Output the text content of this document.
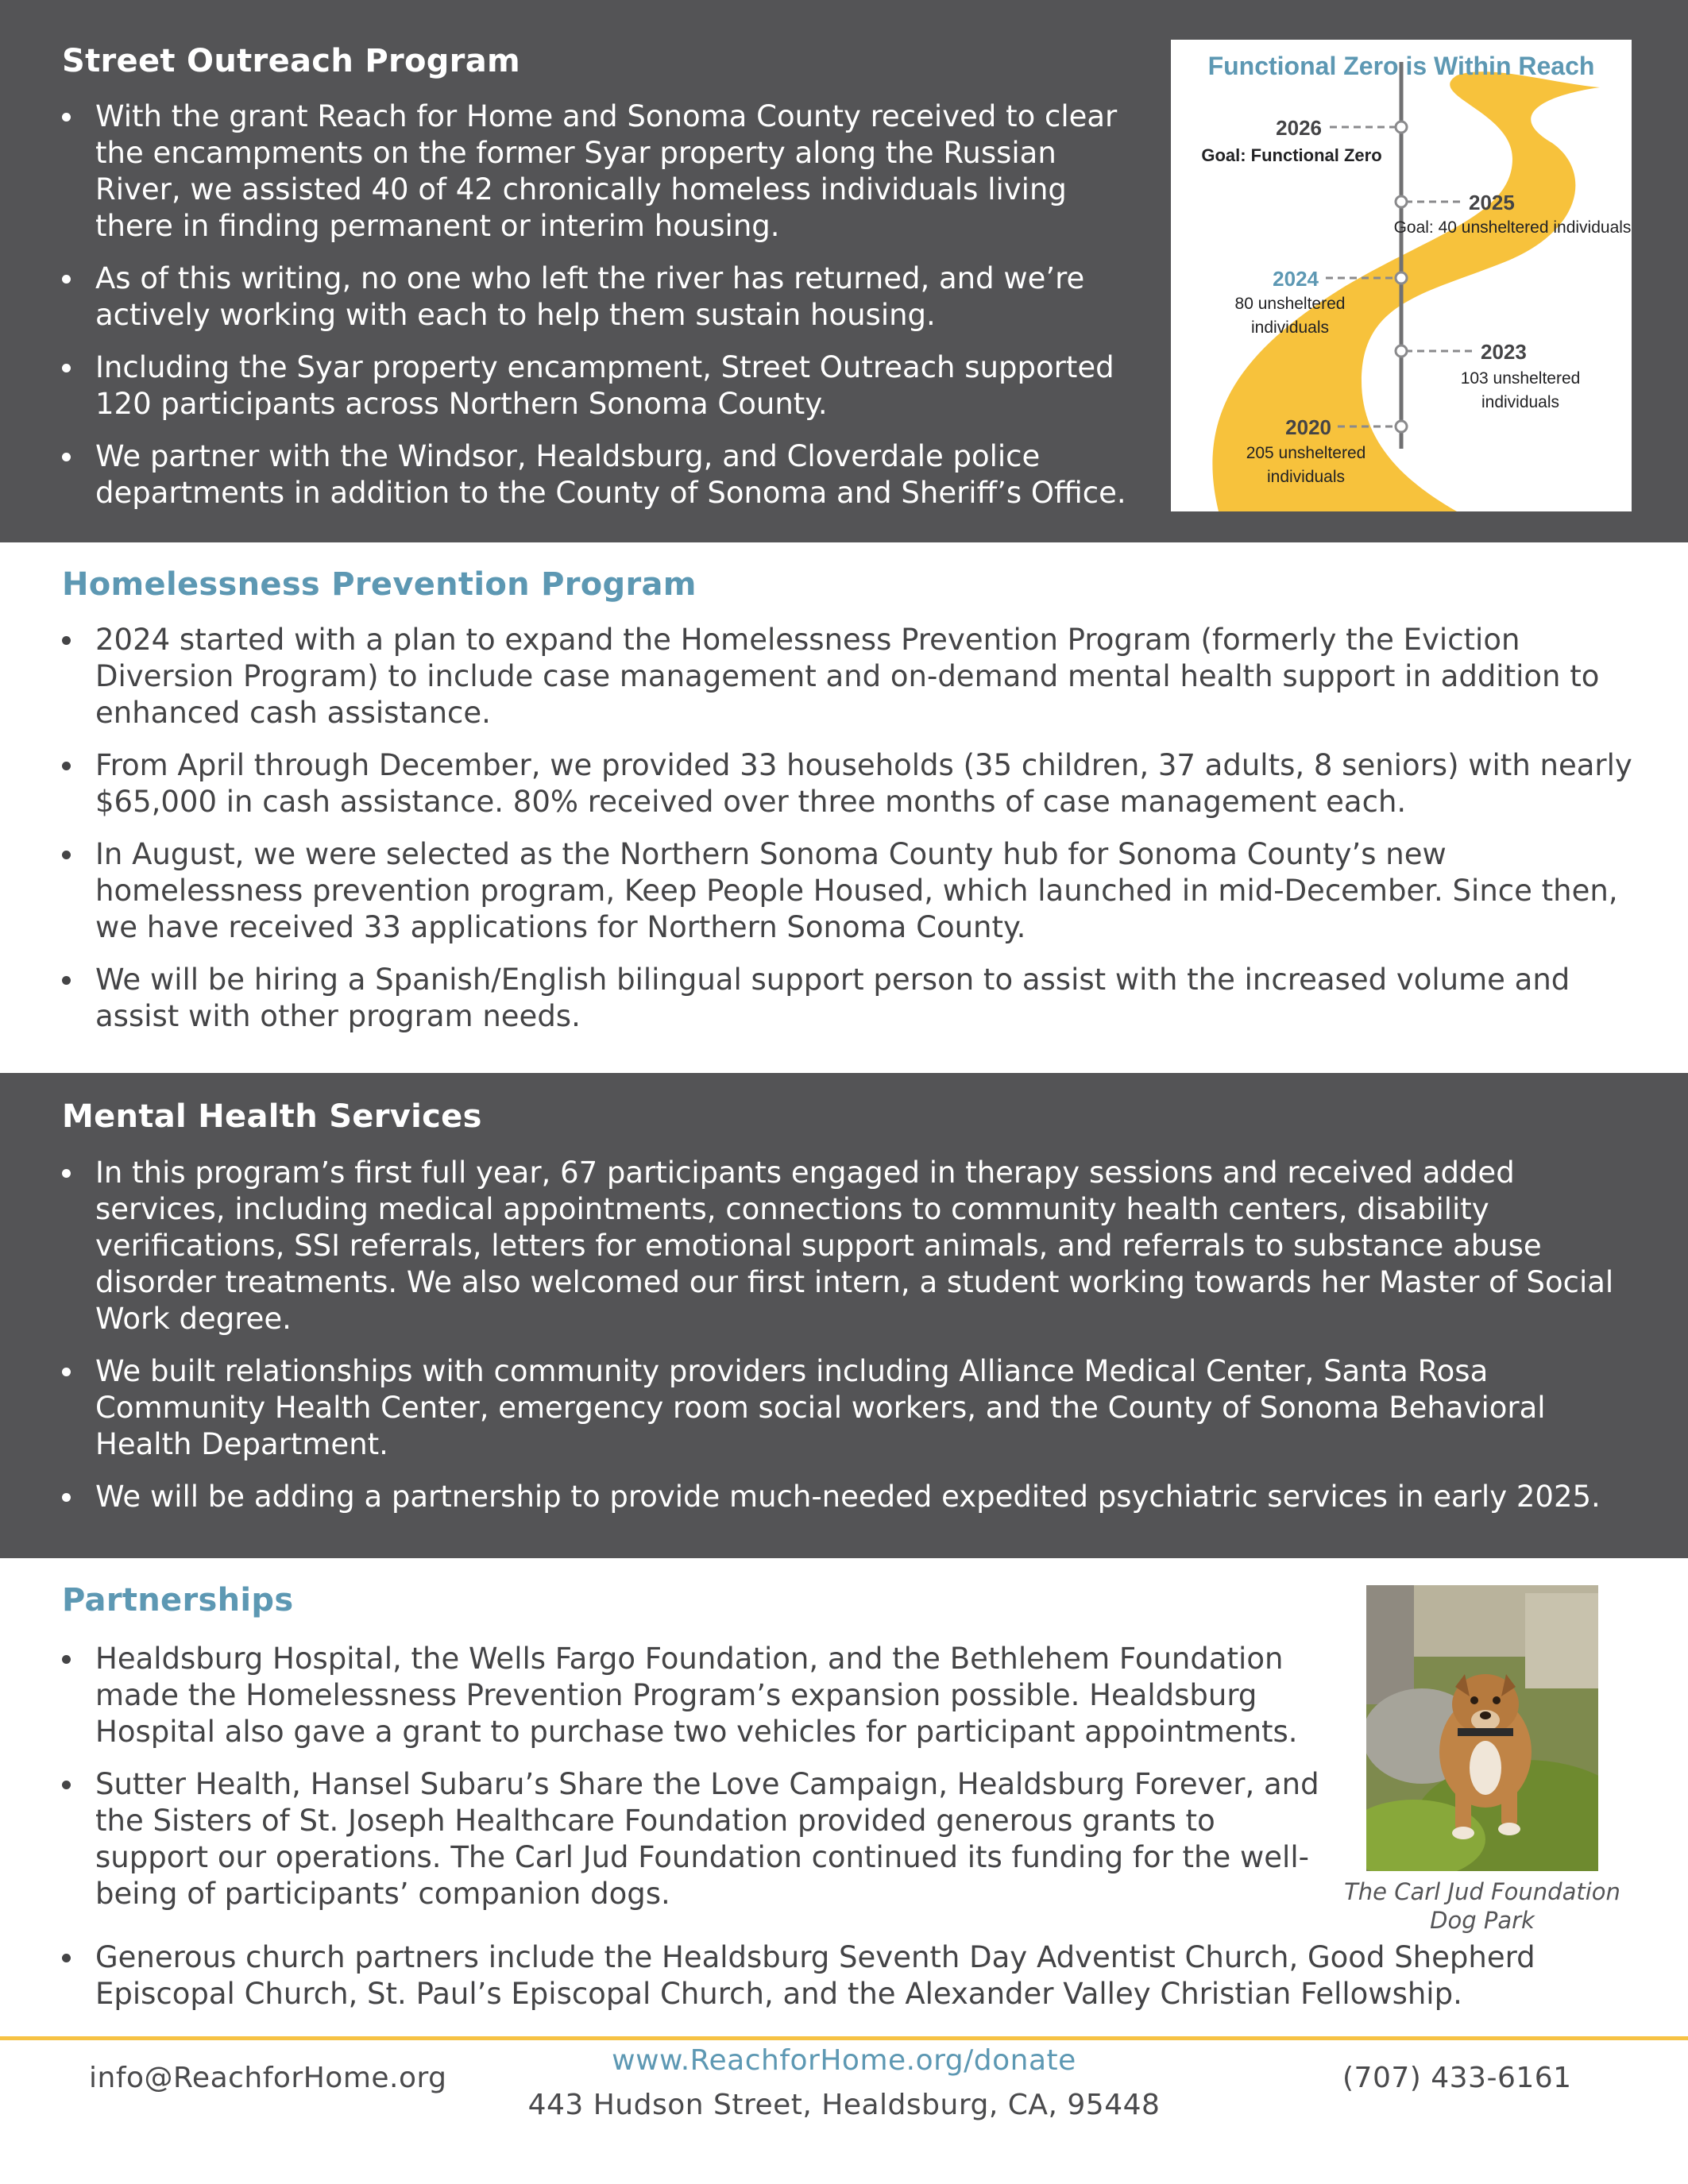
Street Outreach Program
With the grant Reach for Home and Sonoma County received to clear the encampments on the former Syar property along the Russian River, we assisted 40 of 42 chronically homeless individuals living there in finding permanent or interim housing.
As of this writing, no one who left the river has returned, and we’re actively working with each to help them sustain housing.
Including the Syar property encampment, Street Outreach supported 120 participants across Northern Sonoma County.
We partner with the Windsor, Healdsburg, and Cloverdale police departments in addition to the County of Sonoma and Sheriff’s Office.
Functional Zero is Within Reach
2026
Goal: Functional Zero
2025
Goal: 40 unsheltered individuals
2024
80 unsheltered individuals
2023
103 unsheltered individuals
2020
205 unsheltered individuals
Homelessness Prevention Program
2024 started with a plan to expand the Homelessness Prevention Program (formerly the Eviction Diversion Program) to include case management and on-demand mental health support in addition to enhanced cash assistance.
From April through December, we provided 33 households (35 children, 37 adults, 8 seniors) with nearly $65,000 in cash assistance. 80% received over three months of case management each.
In August, we were selected as the Northern Sonoma County hub for Sonoma County’s new homelessness prevention program, Keep People Housed, which launched in mid-December. Since then, we have received 33 applications for Northern Sonoma County.
We will be hiring a Spanish/English bilingual support person to assist with the increased volume and assist with other program needs.
Mental Health Services
In this program’s first full year, 67 participants engaged in therapy sessions and received added services, including medical appointments, connections to community health centers, disability verifications, SSI referrals, letters for emotional support animals, and referrals to substance abuse disorder treatments. We also welcomed our first intern, a student working towards her Master of Social Work degree.
We built relationships with community providers including Alliance Medical Center, Santa Rosa Community Health Center, emergency room social workers, and the County of Sonoma Behavioral Health Department.
We will be adding a partnership to provide much-needed expedited psychiatric services in early 2025.
Partnerships
Healdsburg Hospital, the Wells Fargo Foundation, and the Bethlehem Foundation made the Homelessness Prevention Program’s expansion possible. Healdsburg Hospital also gave a grant to purchase two vehicles for participant appointments.
Sutter Health, Hansel Subaru’s Share the Love Campaign, Healdsburg Forever, and the Sisters of St. Joseph Healthcare Foundation provided generous grants to support our operations. The Carl Jud Foundation continued its funding for the well-being of participants’ companion dogs.
Generous church partners include the Healdsburg Seventh Day Adventist Church, Good Shepherd Episcopal Church, St. Paul’s Episcopal Church, and the Alexander Valley Christian Fellowship.

The Carl Jud Foundation Dog Park

info@ReachforHome.org
www.ReachforHome.org/donate
443 Hudson Street, Healdsburg, CA, 95448
(707) 433-6161
